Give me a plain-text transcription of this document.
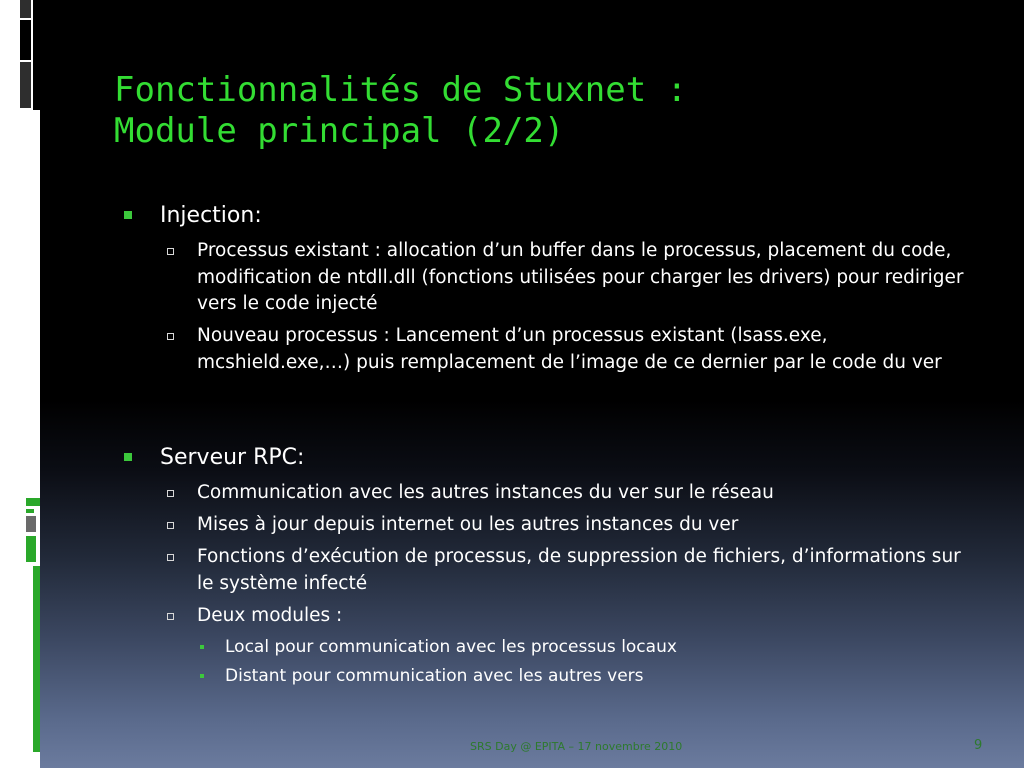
Fonctionnalités de Stuxnet :
Module principal (2/2)
Injection:
Processus existant : allocation d’un buffer dans le processus, placement du code, modification de ntdll.dll (fonctions utilisées pour charger les drivers) pour rediriger vers le code injecté
Nouveau processus : Lancement d’un processus existant (lsass.exe, mcshield.exe,…) puis remplacement de l’image de ce dernier par le code du ver
Serveur RPC:
Communication avec les autres instances du ver sur le réseau
Mises à jour depuis internet ou les autres instances du ver
Fonctions d’exécution de processus, de suppression de fichiers, d’informations sur le système infecté
Deux modules :
Local pour communication avec les processus locaux
Distant pour communication avec les autres vers
SRS Day @ EPITA – 17 novembre 2010	9
